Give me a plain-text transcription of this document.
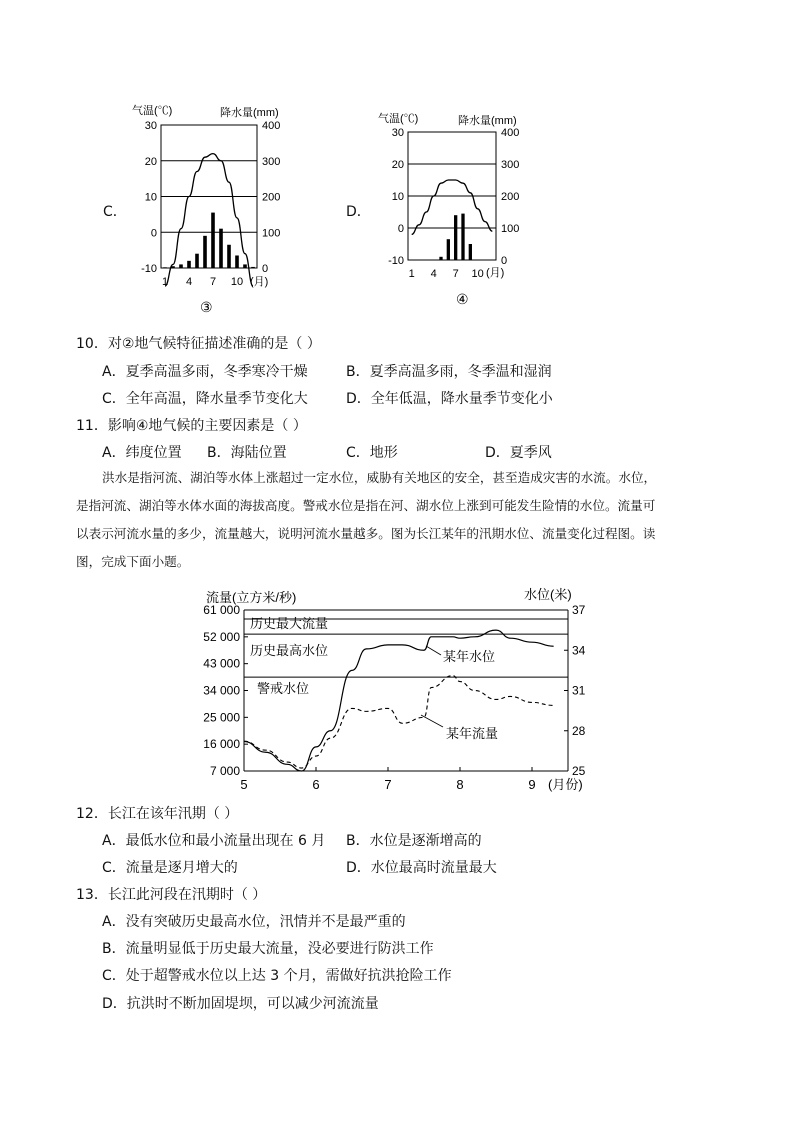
C．
气温(℃)	降水量(mm)
30
20
10
0
-10
400
300
200
100
0
1 4 7 10 (月)
③
D．
气温(℃)	降水量(mm)
30
20
10
0
-10
400
300
200
100
0
1 4 7 10 (月)
④
10．对②地气候特征描述准确的是（ ）
A．夏季高温多雨，冬季寒冷干燥	B．夏季高温多雨，冬季温和湿润
C．全年高温，降水量季节变化大	D．全年低温，降水量季节变化小
11．影响④地气候的主要因素是（ ）
A．纬度位置 B．海陆位置	C．地形	D．夏季风
洪水是指河流、湖泊等水体上涨超过一定水位，威胁有关地区的安全，甚至造成灾害的水流。水位，
是指河流、湖泊等水体水面的海拔高度。警戒水位是指在河、湖水位上涨到可能发生险情的水位。流量可
以表示河流水量的多少，流量越大，说明河流水量越多。图为长江某年的汛期水位、流量变化过程图。读
图，完成下面小题。
流量(立方米/秒)	水位(米)
61 000
52 000
43 000
34 000
25 000
16 000
7 000
37
34
31
28
25
历史最大流量
历史最高水位
警戒水位
某年水位
某年流量
5	6	7	8	9 (月份)
12．长江在该年汛期（ ）
A．最低水位和最小流量出现在 6 月 B．水位是逐渐增高的
C．流量是逐月增大的	D．水位最高时流量最大
13．长江此河段在汛期时（ ）
A．没有突破历史最高水位，汛情并不是最严重的
B．流量明显低于历史最大流量，没必要进行防洪工作
C．处于超警戒水位以上达 3 个月，需做好抗洪抢险工作
D．抗洪时不断加固堤坝，可以减少河流流量
